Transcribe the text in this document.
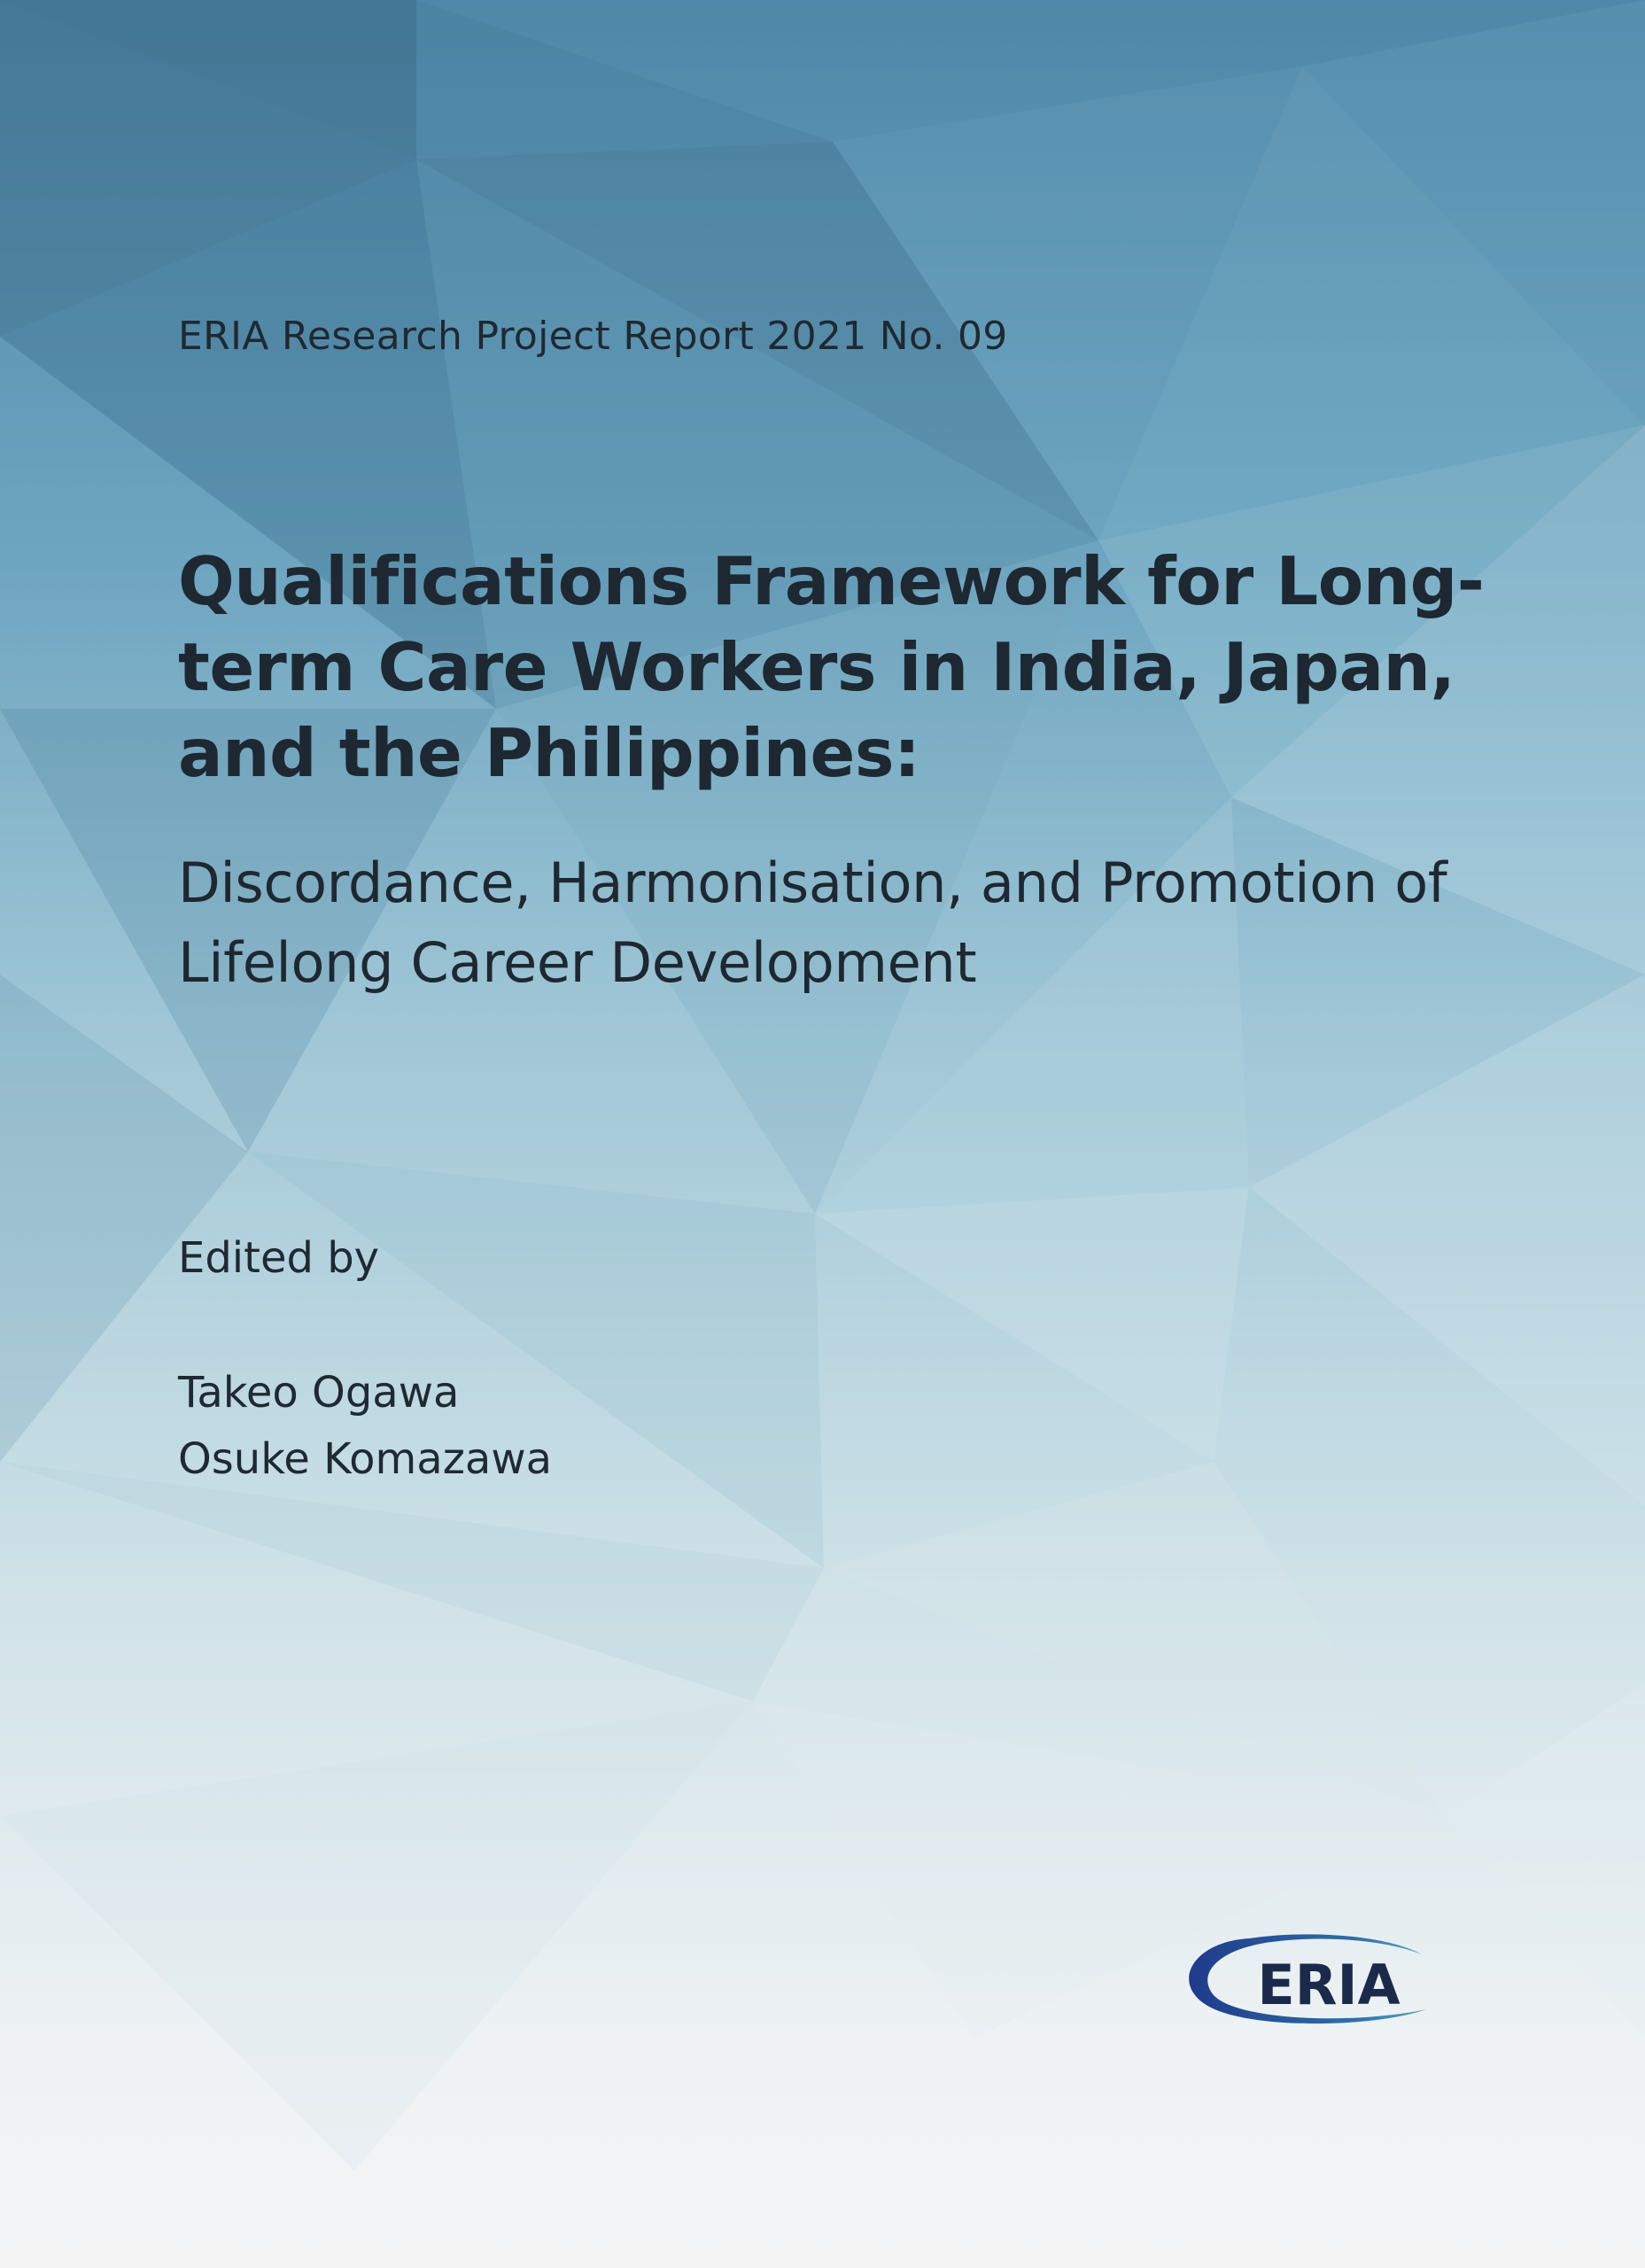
ERIA Research Project Report 2021 No. 09
Qualifications Framework for Long-term Care Workers in India, Japan, and the Philippines:
Discordance, Harmonisation, and Promotion of Lifelong Career Development
Edited by
Takeo Ogawa
Osuke Komazawa
ERIA
